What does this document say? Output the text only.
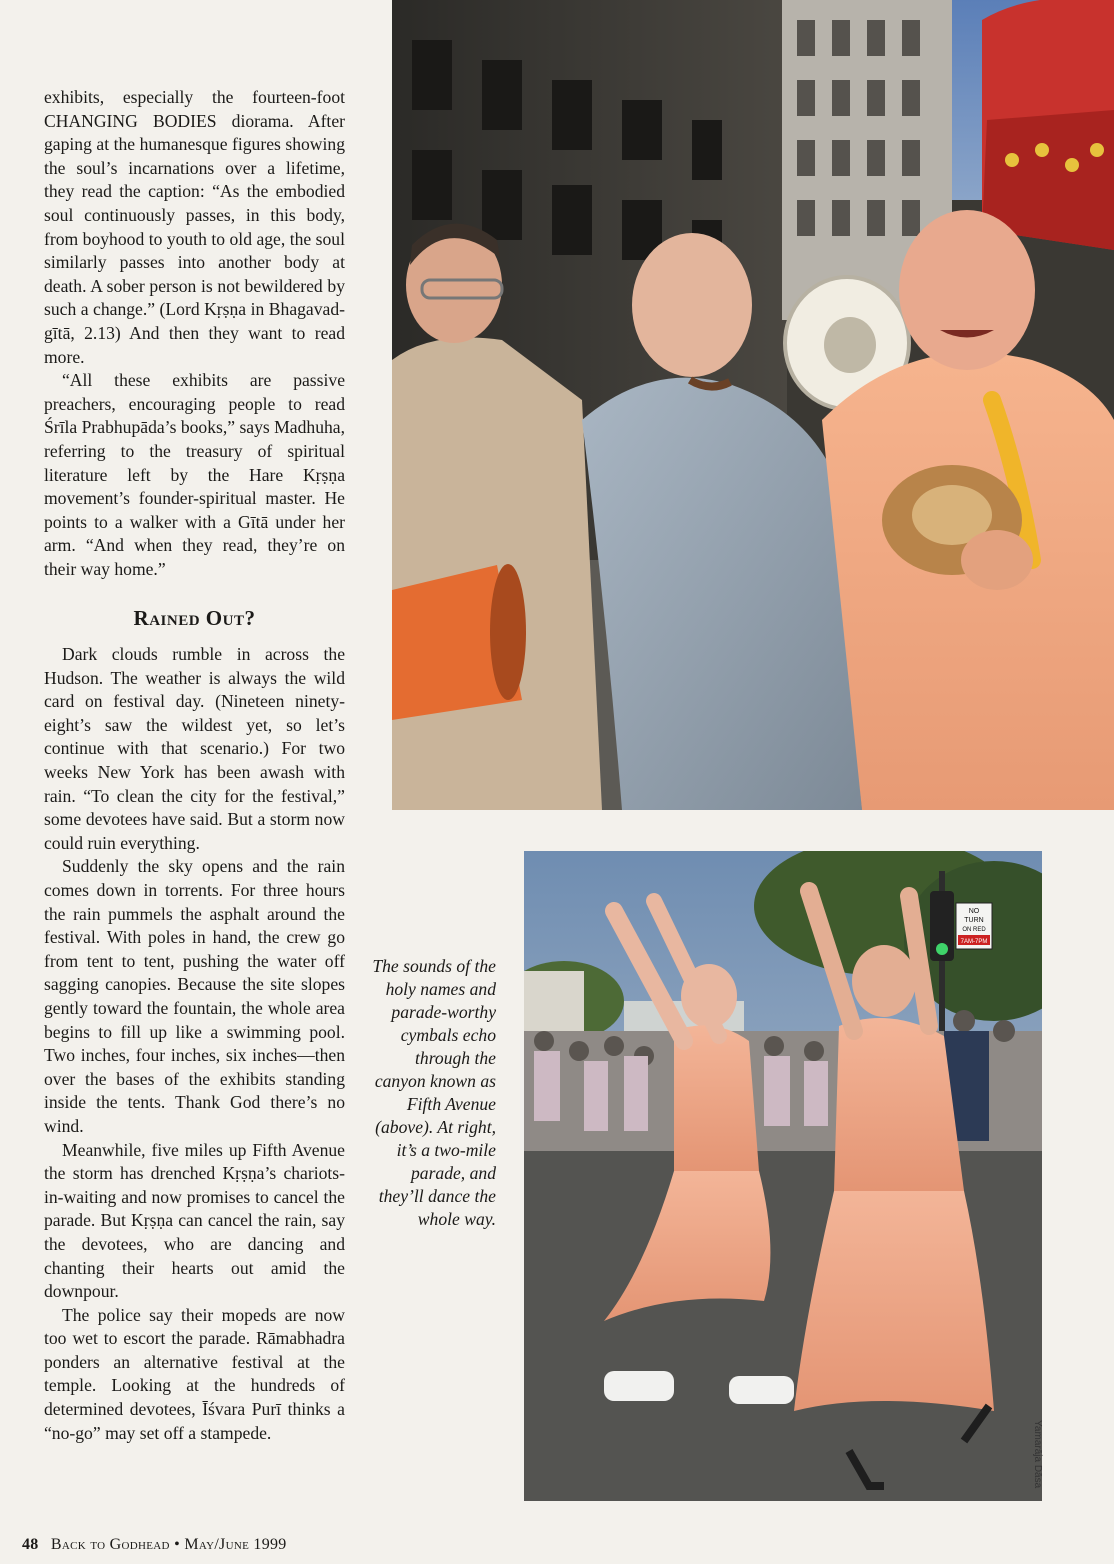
exhibits, especially the fourteen-foot CHANGING BODIES diorama. After gaping at the humanesque figures showing the soul’s incarnations over a lifetime, they read the caption: “As the embodied soul continuously passes, in this body, from boyhood to youth to old age, the soul similarly passes into another body at death. A sober person is not bewildered by such a change.” (Lord Kṛṣṇa in Bhagavad-gītā, 2.13) And then they want to read more.

“All these exhibits are passive preachers, encouraging people to read Śrīla Prabhupāda’s books,” says Madhuha, referring to the treasury of spiritual literature left by the Hare Kṛṣṇa movement’s founder-spiritual master. He points to a walker with a Gītā under her arm. “And when they read, they’re on their way home.”

Rained Out?

Dark clouds rumble in across the Hudson. The weather is always the wild card on festival day. (Nineteen ninety-eight’s saw the wildest yet, so let’s continue with that scenario.) For two weeks New York has been awash with rain. “To clean the city for the festival,” some devotees have said. But a storm now could ruin everything.

Suddenly the sky opens and the rain comes down in torrents. For three hours the rain pummels the asphalt around the festival. With poles in hand, the crew go from tent to tent, pushing the water off sagging canopies. Because the site slopes gently toward the fountain, the whole area begins to fill up like a swimming pool. Two inches, four inches, six inches—then over the bases of the exhibits standing inside the tents. Thank God there’s no wind.

Meanwhile, five miles up Fifth Avenue the storm has drenched Kṛṣṇa’s chariots-in-waiting and now promises to cancel the parade. But Kṛṣṇa can cancel the rain, say the devotees, who are dancing and chanting their hearts out amid the downpour.

The police say their mopeds are now too wet to escort the parade. Rāmabhadra ponders an alternative festival at the temple. Looking at the hundreds of determined devotees, Īśvara Purī thinks a “no-go” may set off a stampede.

NO
TURN
ON RED
7AM-7PM
The sounds of the holy names and parade-worthy cymbals echo through the canyon known as Fifth Avenue (above). At right, it’s a two-mile parade, and they’ll dance the whole way.
Yamarāja Dāsa
48 Back to Godhead • May/June 1999
